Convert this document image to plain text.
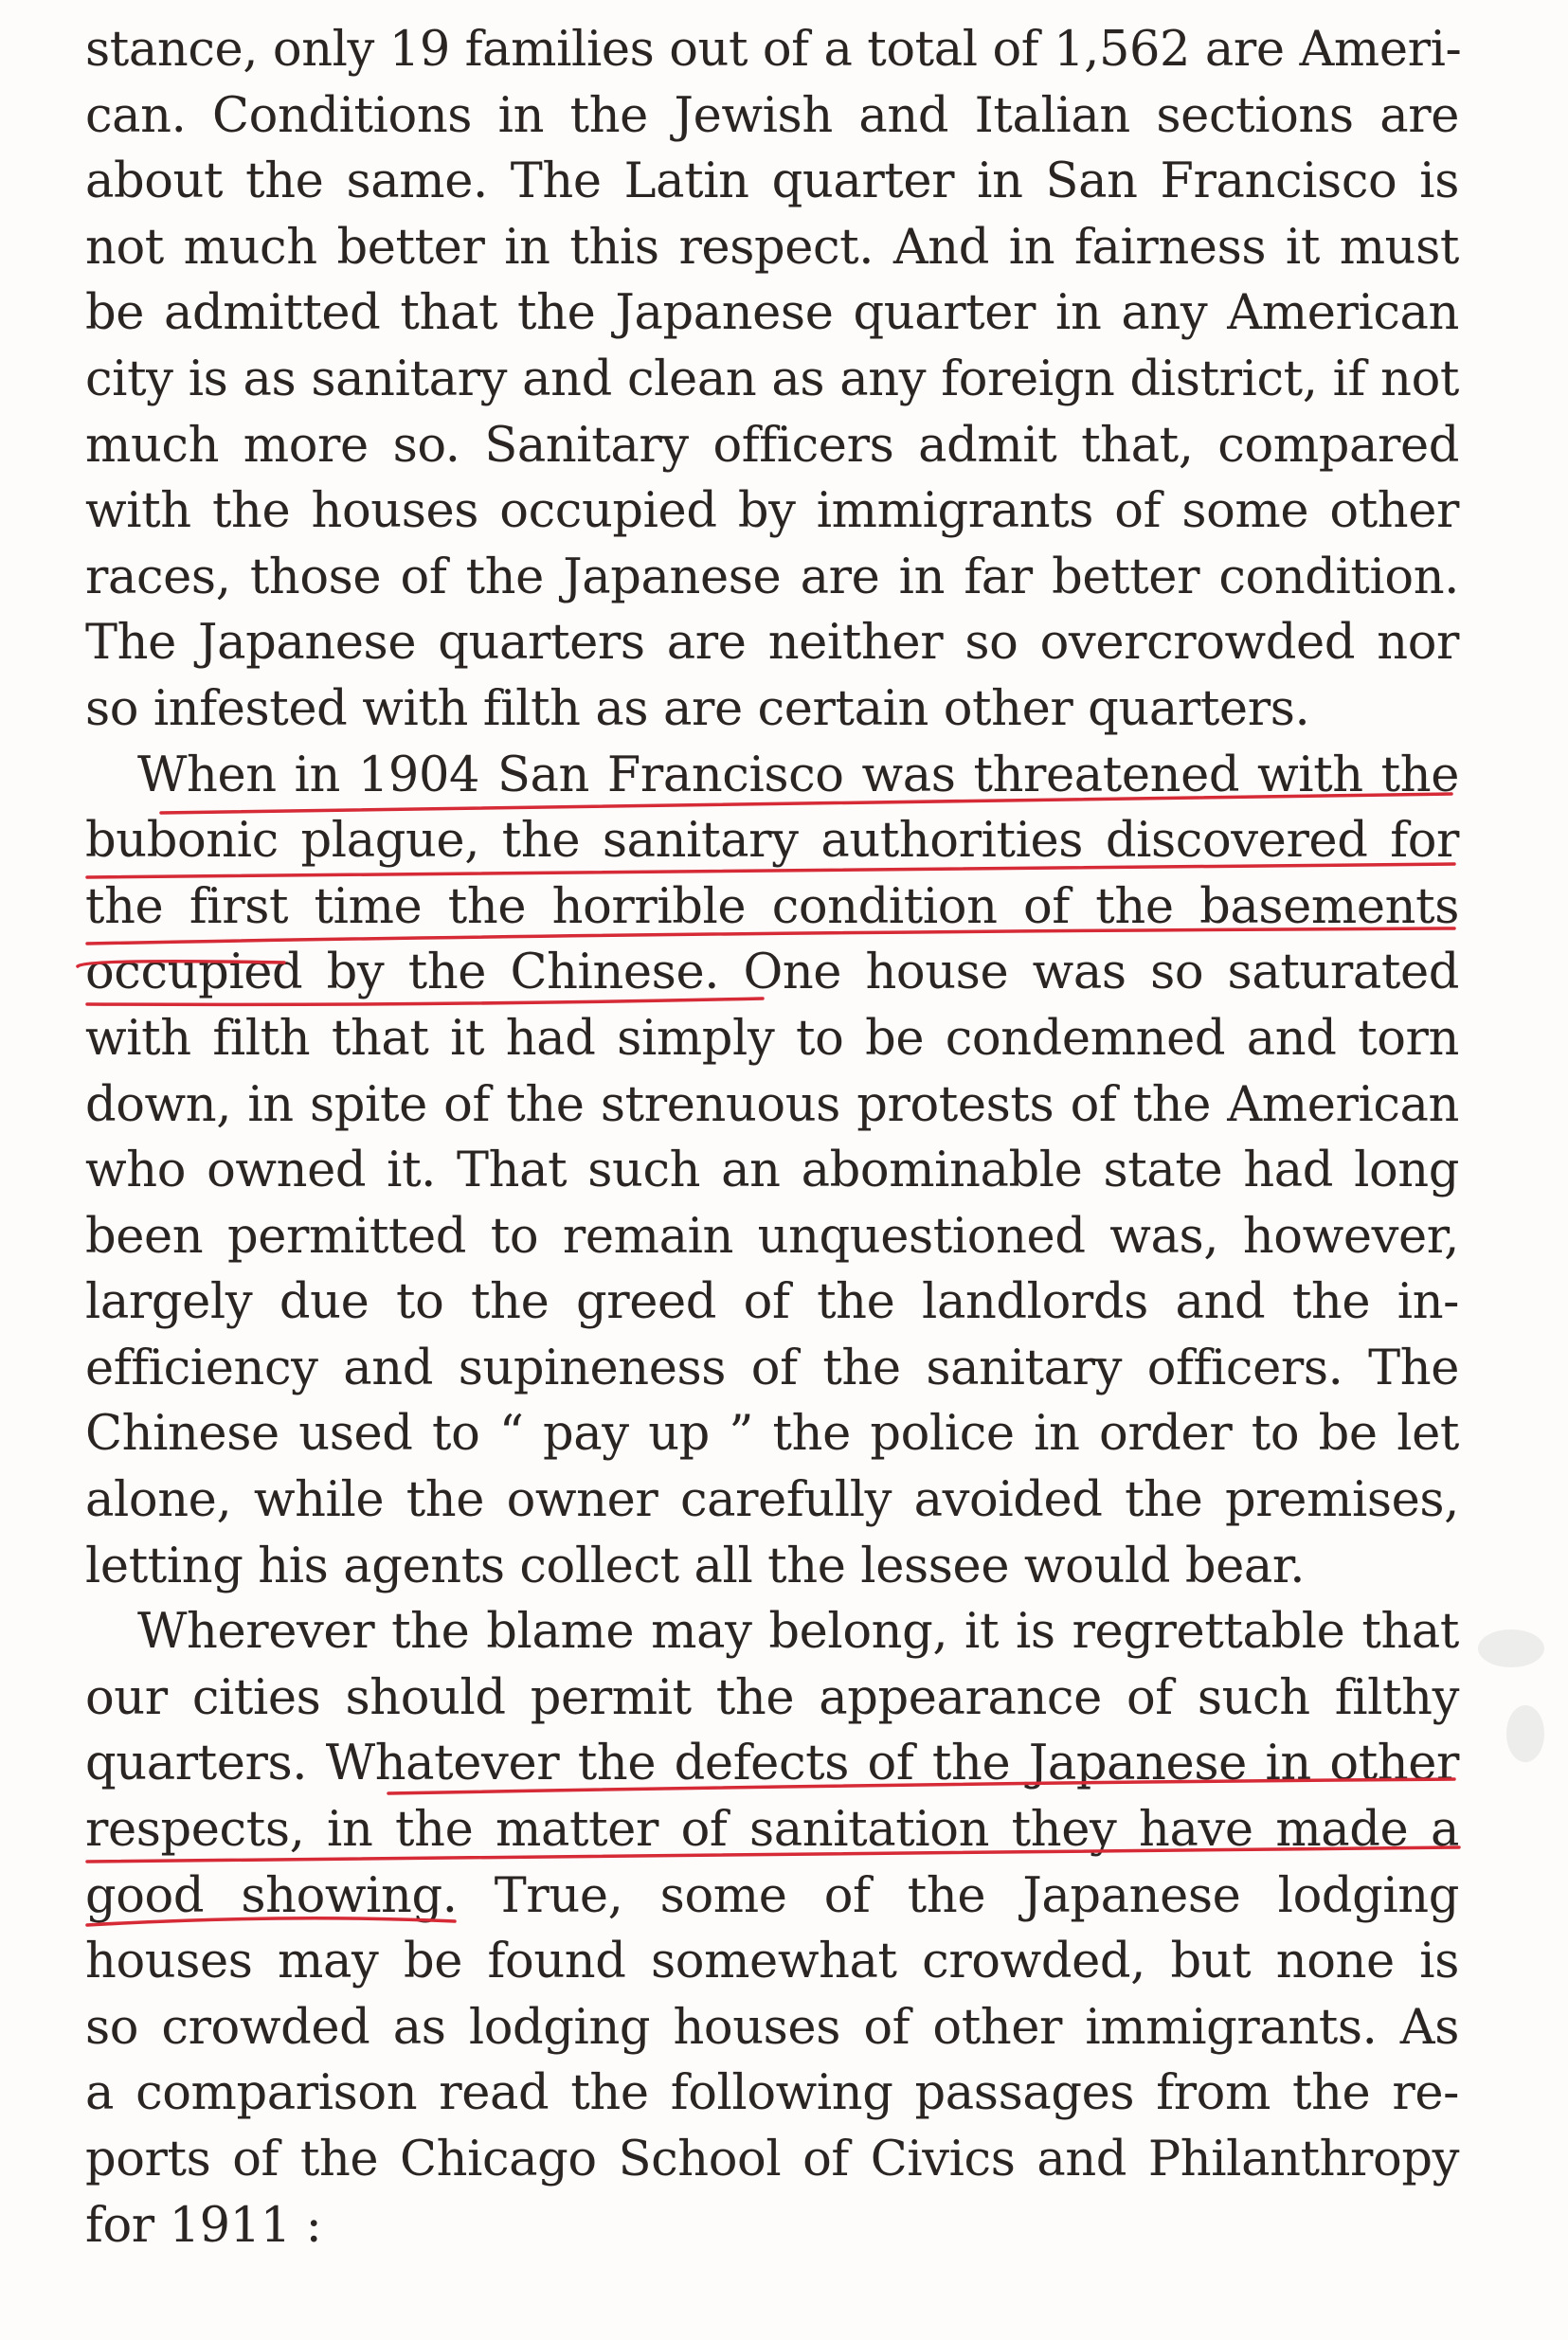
stance, only 19 families out of a total of 1,562 are Ameri-
can. Conditions in the Jewish and Italian sections are
about the same. The Latin quarter in San Francisco is
not much better in this respect. And in fairness it must
be admitted that the Japanese quarter in any American
city is as sanitary and clean as any foreign district, if not
much more so. Sanitary officers admit that, compared
with the houses occupied by immigrants of some other
races, those of the Japanese are in far better condition.
The Japanese quarters are neither so overcrowded nor
so infested with filth as are certain other quarters.
When in 1904 San Francisco was threatened with the
bubonic plague, the sanitary authorities discovered for
the first time the horrible condition of the basements
occupied by the Chinese. One house was so saturated
with filth that it had simply to be condemned and torn
down, in spite of the strenuous protests of the American
who owned it. That such an abominable state had long
been permitted to remain unquestioned was, however,
largely due to the greed of the landlords and the in-
efficiency and supineness of the sanitary officers. The
Chinese used to “ pay up ” the police in order to be let
alone, while the owner carefully avoided the premises,
letting his agents collect all the lessee would bear.
Wherever the blame may belong, it is regrettable that
our cities should permit the appearance of such filthy
quarters. Whatever the defects of the Japanese in other
respects, in the matter of sanitation they have made a
good showing. True, some of the Japanese lodging
houses may be found somewhat crowded, but none is
so crowded as lodging houses of other immigrants. As
a comparison read the following passages from the re-
ports of the Chicago School of Civics and Philanthropy
for 1911 :
